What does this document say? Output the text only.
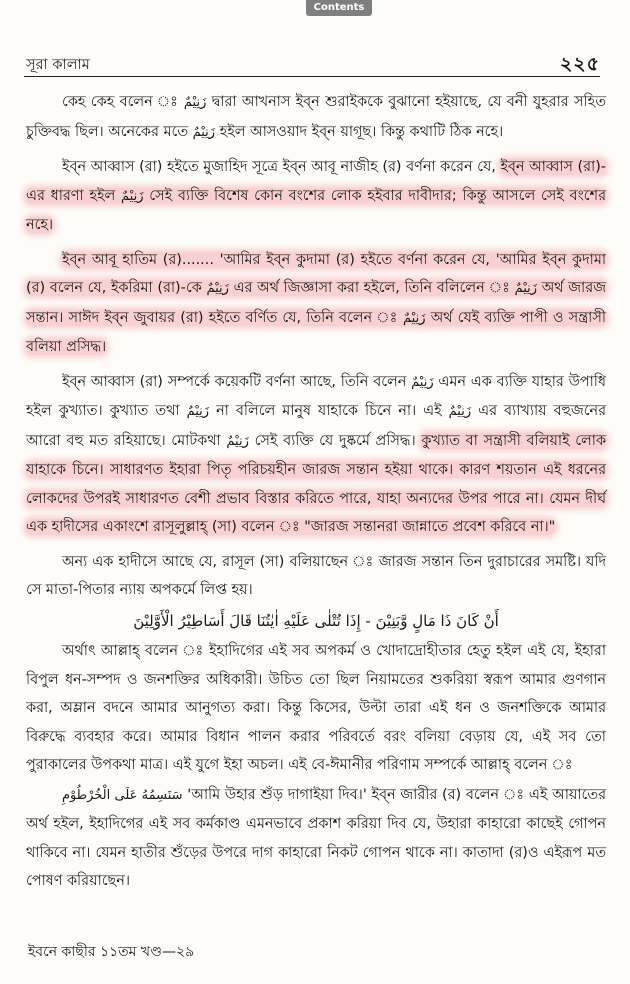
Contents
সূরা কালাম	২২৫

কেহ কেহ বলেন ঃ زَنِيْمٌ দ্বারা আখনাস ইব্‌ন শুরাইককে বুঝানো হইয়াছে, যে বনী যুহরার সহিত চুক্তিবদ্ধ ছিল। অনেকের মতে زَنِيْمٌ হইল আসওয়াদ ইব্‌ন য়াগূছ। কিন্তু কথাটি ঠিক নহে।

ইব্‌ন আব্বাস (রা) হইতে মুজাহিদ সূত্রে ইব্‌ন আবূ নাজীহ (র) বর্ণনা করেন যে, ইব্‌ন আব্বাস (রা)-এর ধারণা হইল زَنِيْمٌ সেই ব্যক্তি বিশেষ কোন বংশের লোক হইবার দাবীদার; কিন্তু আসলে সেই বংশের নহে।

ইব্‌ন আবূ হাতিম (র)....... 'আমির ইব্‌ন কুদামা (র) হইতে বর্ণনা করেন যে, 'আমির ইব্‌ন কুদামা (র) বলেন যে, ইকরিমা (রা)-কে زَنِيْمٌ এর অর্থ জিজ্ঞাসা করা হইলে, তিনি বলিলেন ঃ زَنِيْمٌ অর্থ জারজ সন্তান। সাঈদ ইব্‌ন জুবায়র (রা) হইতে বর্ণিত যে, তিনি বলেন ঃ زَنِيْمٌ অর্থ যেই ব্যক্তি পাপী ও সন্ত্রাসী বলিয়া প্রসিদ্ধ।

ইব্‌ন আব্বাস (রা) সম্পর্কে কয়েকটি বর্ণনা আছে, তিনি বলেন زَنِيْمٌ এমন এক ব্যক্তি যাহার উপাধি হইল কুখ্যাত। কুখ্যাত তথা زَنِيْمٌ না বলিলে মানুষ যাহাকে চিনে না। এই زَنِيْمٌ এর ব্যাখ্যায় বহুজনের আরো বহু মত রহিয়াছে। মোটকথা زَنِيْمٌ সেই ব্যক্তি যে দুষ্কর্মে প্রসিদ্ধ। কুখ্যাত বা সন্ত্রাসী বলিয়াই লোক যাহাকে চিনে। সাধারণত ইহারা পিতৃ পরিচয়হীন জারজ সন্তান হইয়া থাকে। কারণ শয়তান এই ধরনের লোকদের উপরই সাধারণত বেশী প্রভাব বিস্তার করিতে পারে, যাহা অন্যদের উপর পারে না। যেমন দীর্ঘ এক হাদীসের একাংশে রাসূলুল্লাহ্ (সা) বলেন ঃ "জারজ সন্তানরা জান্নাতে প্রবেশ করিবে না।"

অন্য এক হাদীসে আছে যে, রাসূল (সা) বলিয়াছেন ঃ জারজ সন্তান তিন দুরাচারের সমষ্টি। যদি সে মাতা-পিতার ন্যায় অপকর্মে লিপ্ত হয়।

أَنْ كَانَ ذَا مَالٍ وَّبَنِيْنَ - إِذَا تُتْلٰى عَلَيْهِ اٰيٰتُنَا قَالَ أَسَاطِيْرُ الْأَوَّلِيْنَ

অর্থাৎ আল্লাহ্ বলেন ঃ ইহাদিগের এই সব অপকর্ম ও খোদাদ্রোহীতার হেতু হইল এই যে, ইহারা বিপুল ধন-সম্পদ ও জনশক্তির অধিকারী। উচিত তো ছিল নিয়ামতের শুকরিয়া স্বরূপ আমার গুণগান করা, অম্লান বদনে আমার আনুগত্য করা। কিন্তু কিসের, উল্টা তারা এই ধন ও জনশক্তিকে আমার বিরুদ্ধে ব্যবহার করে। আমার বিধান পালন করার পরিবর্তে বরং বলিয়া বেড়ায় যে, এই সব তো পুরাকালের উপকথা মাত্র। এই যুগে ইহা অচল। এই বে-ঈমানীর পরিণাম সম্পর্কে আল্লাহ্ বলেন ঃ

سَنَسِمُهُ عَلَى الْخُرْطُوْمِ 'আমি উহার শুঁড় দাগাইয়া দিব।' ইব্‌ন জারীর (র) বলেন ঃ এই আয়াতের অর্থ হইল, ইহাদিগের এই সব কর্মকাণ্ড এমনভাবে প্রকাশ করিয়া দিব যে, উহারা কাহারো কাছেই গোপন থাকিবে না। যেমন হাতীর শুঁড়ের উপরে দাগ কাহারো নিকট গোপন থাকে না। কাতাদা (র)ও এইরূপ মত পোষণ করিয়াছেন।

ইবনে কাছীর ১১তম খণ্ড—২৯
